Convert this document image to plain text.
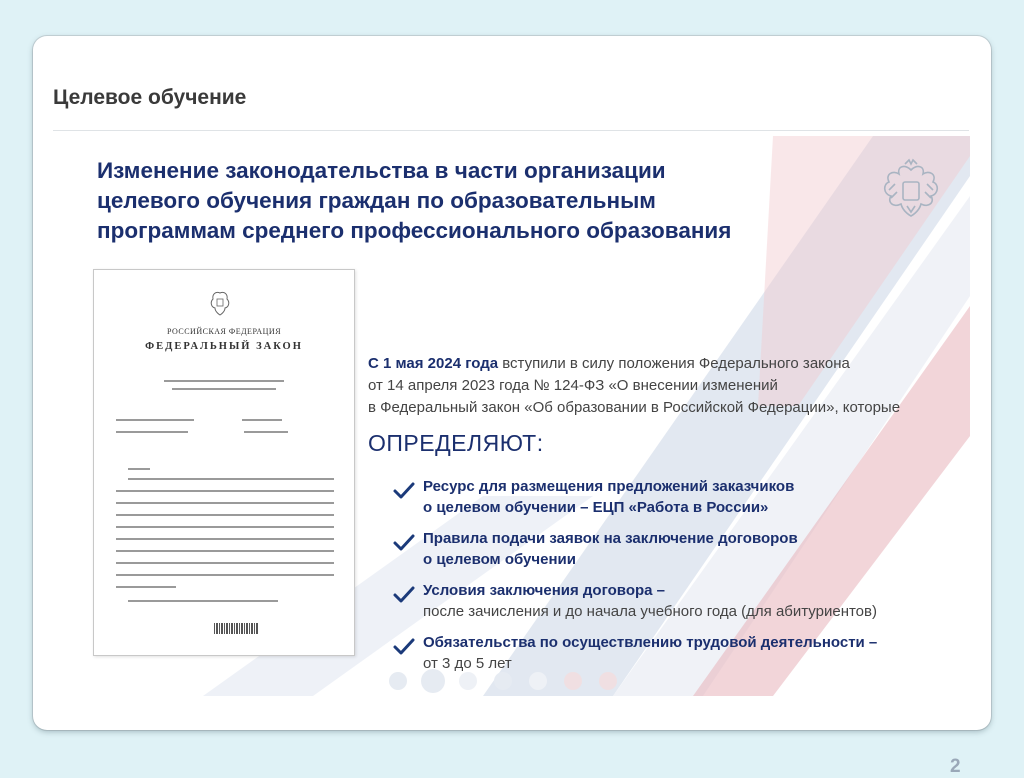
Целевое обучение
Изменение законодательства в части организации
целевого обучения граждан по образовательным
программам среднего профессионального образования
РОССИЙСКАЯ ФЕДЕРАЦИЯ
ФЕДЕРАЛЬНЫЙ ЗАКОН
С 1 мая 2024 года вступили в силу положения Федерального закона
от 14 апреля 2023 года № 124-ФЗ «О внесении изменений
в Федеральный закон «Об образовании в Российской Федерации», которые
ОПРЕДЕЛЯЮТ:
Ресурс для размещения предложений заказчиков
о целевом обучении – ЕЦП «Работа в России»
Правила подачи заявок на заключение договоров
о целевом обучении
Условия заключения договора –
после зачисления и до начала учебного года (для абитуриентов)
Обязательства по осуществлению трудовой деятельности –
от 3 до 5 лет
2
